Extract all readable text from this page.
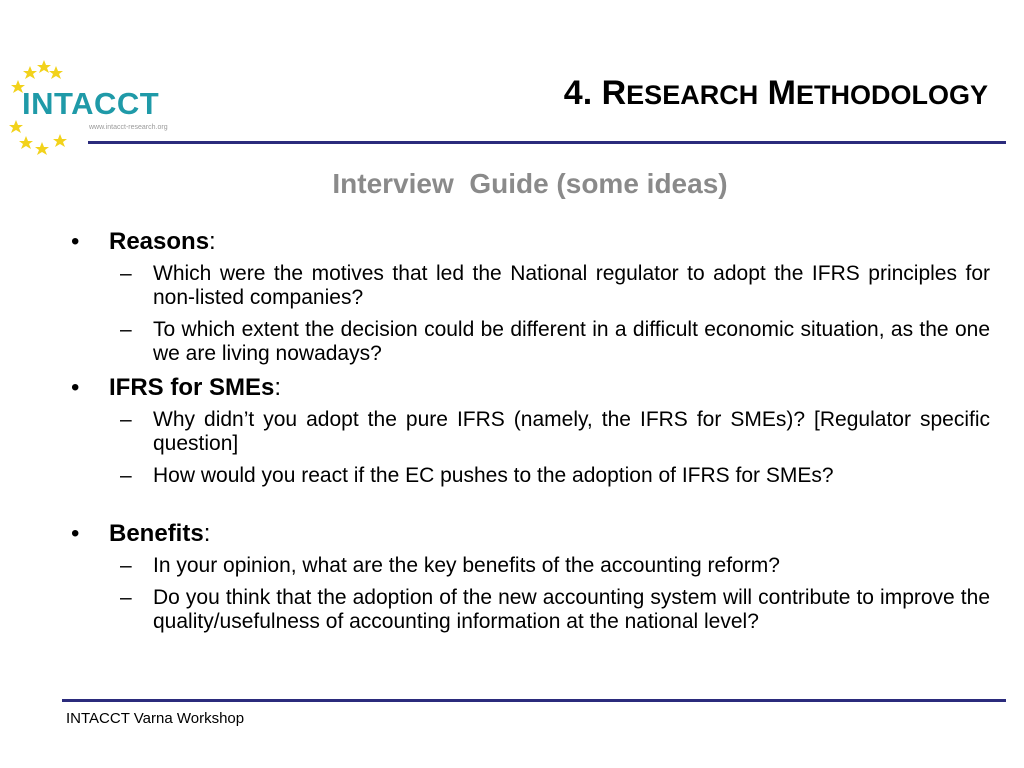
INTACCT
www.intacct-research.org
4. RESEARCH METHODOLOGY
Interview  Guide (some ideas)
• Reasons:
– Which were the motives that led the National regulator to adopt the IFRS principles for non-listed companies?
– To which extent the decision could be different in a difficult economic situation, as the one we are living nowadays?
• IFRS for SMEs:
– Why didn’t you adopt the pure IFRS (namely, the IFRS for SMEs)? [Regulator specific question]
– How would you react if the EC pushes to the adoption of IFRS for SMEs?
• Benefits:
– In your opinion, what are the key benefits of the accounting reform?
– Do you think that the adoption of the new accounting system will contribute to improve the quality/usefulness of accounting information at the national level?
INTACCT Varna Workshop
